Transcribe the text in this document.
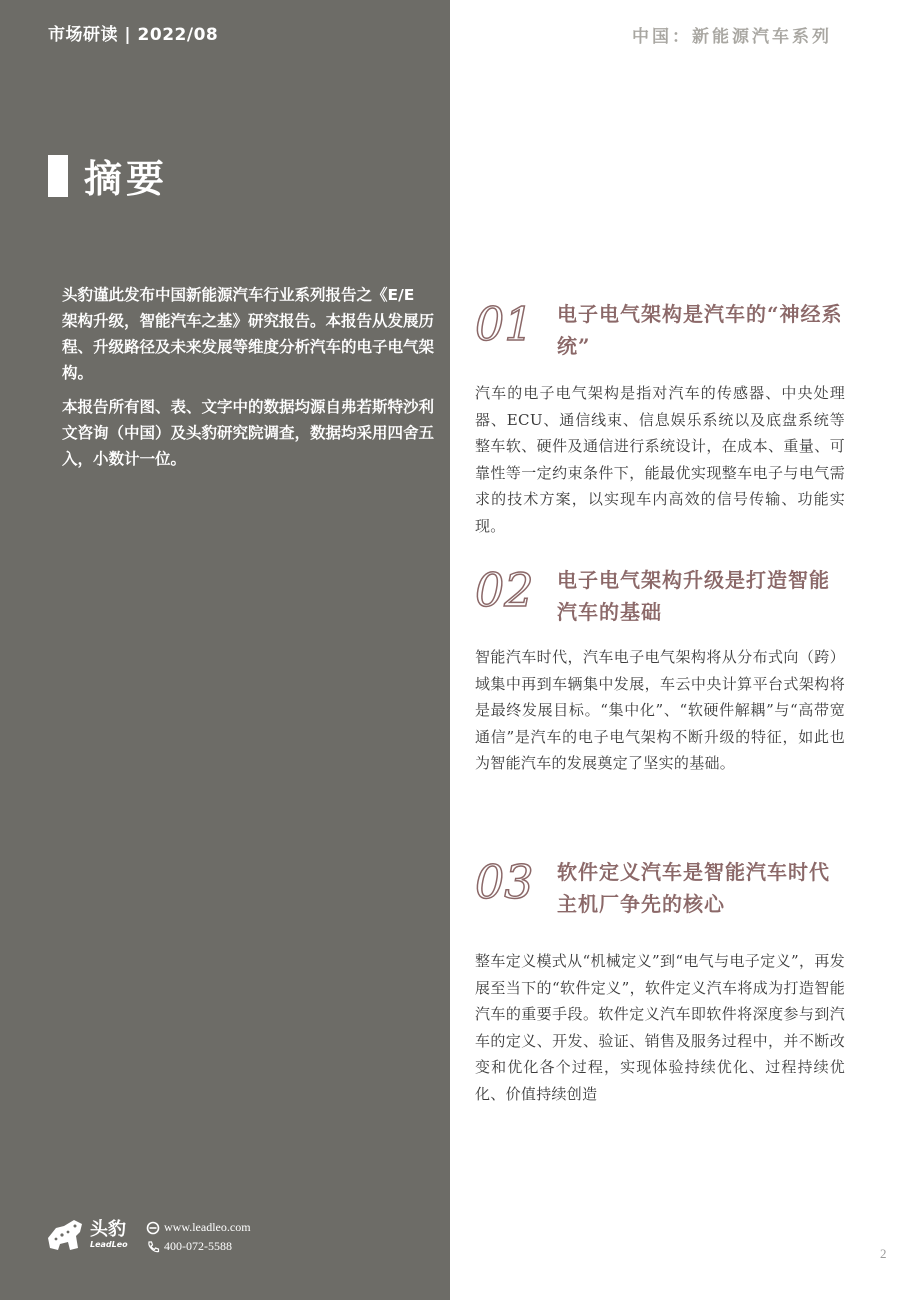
市场研读 | 2022/08	中国：新能源汽车系列
摘要

头豹谨此发布中国新能源汽车行业系列报告之《E/E 架构升级，智能汽车之基》研究报告。本报告从发展历程、升级路径及未来发展等维度分析汽车的电子电气架构。

本报告所有图、表、文字中的数据均源自弗若斯特沙利文咨询（中国）及头豹研究院调查，数据均采用四舍五入，小数计一位。

01 电子电气架构是汽车的“神经系统”

汽车的电子电气架构是指对汽车的传感器、中央处理器、ECU、通信线束、信息娱乐系统以及底盘系统等整车软、硬件及通信进行系统设计，在成本、重量、可靠性等一定约束条件下，能最优实现整车电子与电气需求的技术方案，以实现车内高效的信号传输、功能实现。

02 电子电气架构升级是打造智能汽车的基础

智能汽车时代，汽车电子电气架构将从分布式向（跨）域集中再到车辆集中发展，车云中央计算平台式架构将是最终发展目标。“集中化”、“软硬件解耦”与“高带宽通信”是汽车的电子电气架构不断升级的特征，如此也为智能汽车的发展奠定了坚实的基础。

03 软件定义汽车是智能汽车时代主机厂争先的核心

整车定义模式从“机械定义”到“电气与电子定义”，再发展至当下的“软件定义”，软件定义汽车将成为打造智能汽车的重要手段。软件定义汽车即软件将深度参与到汽车的定义、开发、验证、销售及服务过程中，并不断改变和优化各个过程，实现体验持续优化、过程持续优化、价值持续创造

头豹
LeadLeo
www.leadleo.com
400-072-5588	2
